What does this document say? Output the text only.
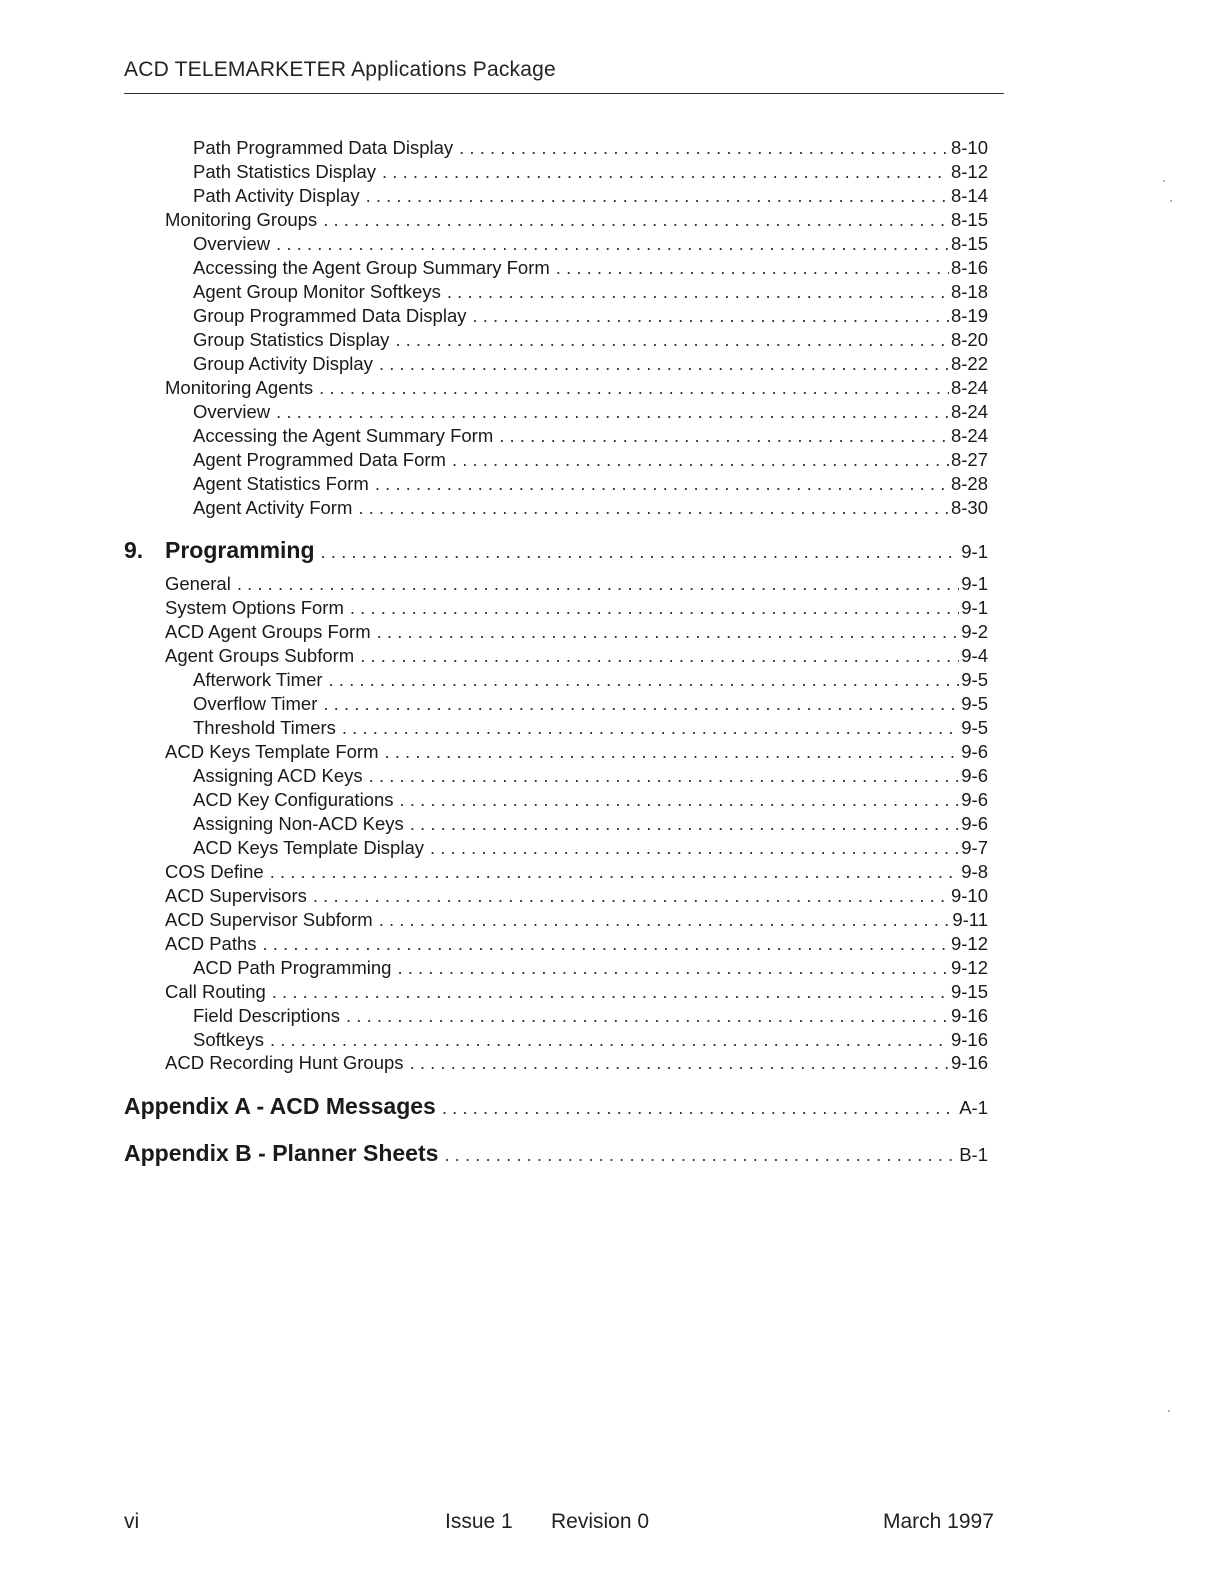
ACD TELEMARKETER Applications Package
Path Programmed Data Display . . .	8-10
Path Statistics Display . . .	8-12
Path Activity Display . . .	8-14
Monitoring Groups . . .	8-15
Overview . . .	8-15
Accessing the Agent Group Summary Form . . .	8-16
Agent Group Monitor Softkeys . . .	8-18
Group Programmed Data Display . . .	8-19
Group Statistics Display . . .	8-20
Group Activity Display . . .	8-22
Monitoring Agents . . .	8-24
Overview . . .	8-24
Accessing the Agent Summary Form . . .	8-24
Agent Programmed Data Form . . .	8-27
Agent Statistics Form . . .	8-28
Agent Activity Form . . .	8-30
9. Programming . . .	9-1
General . . .	9-1
System Options Form . . .	9-1
ACD Agent Groups Form . . .	9-2
Agent Groups Subform . . .	9-4
Afterwork Timer . . .	9-5
Overflow Timer . . .	9-5
Threshold Timers . . .	9-5
ACD Keys Template Form . . .	9-6
Assigning ACD Keys . . .	9-6
ACD Key Configurations . . .	9-6
Assigning Non-ACD Keys . . .	9-6
ACD Keys Template Display . . .	9-7
COS Define . . .	9-8
ACD Supervisors . . .	9-10
ACD Supervisor Subform . . .	9-11
ACD Paths . . .	9-12
ACD Path Programming . . .	9-12
Call Routing . . .	9-15
Field Descriptions . . .	9-16
Softkeys . . .	9-16
ACD Recording Hunt Groups . . .	9-16
Appendix A - ACD Messages . . .	A-1
Appendix B - Planner Sheets . . .	B-1
vi	Issue 1 Revision 0	March 1997
